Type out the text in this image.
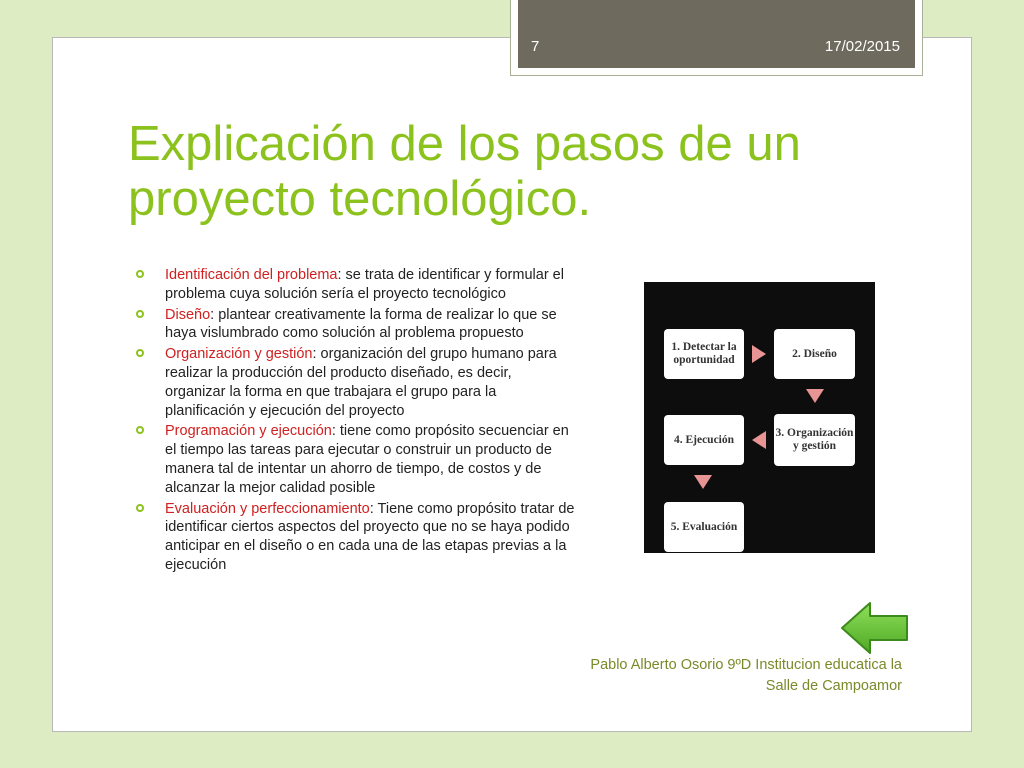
7	17/02/2015
Explicación de los pasos de un proyecto tecnológico.
Identificación del problema: se trata de identificar y formular el problema cuya solución sería el proyecto tecnológico
Diseño: plantear creativamente la forma de realizar lo que se haya vislumbrado como solución al problema propuesto
Organización y gestión: organización del grupo humano para realizar la producción del producto diseñado, es decir, organizar la forma en que trabajara el grupo para la planificación y ejecución del proyecto
Programación y ejecución: tiene como propósito secuenciar en el tiempo las tareas para ejecutar o construir un producto de manera tal de intentar un ahorro de tiempo, de costos y de alcanzar la mejor calidad posible
Evaluación y perfeccionamiento: Tiene como propósito tratar de identificar ciertos aspectos del proyecto que no se haya podido anticipar en el diseño o en cada una de las etapas previas a la ejecución
1. Detectar la oportunidad
2. Diseño
3. Organización y gestión
4. Ejecución
5. Evaluación
Pablo Alberto Osorio 9ºD Institucion educatica la
Salle de Campoamor
